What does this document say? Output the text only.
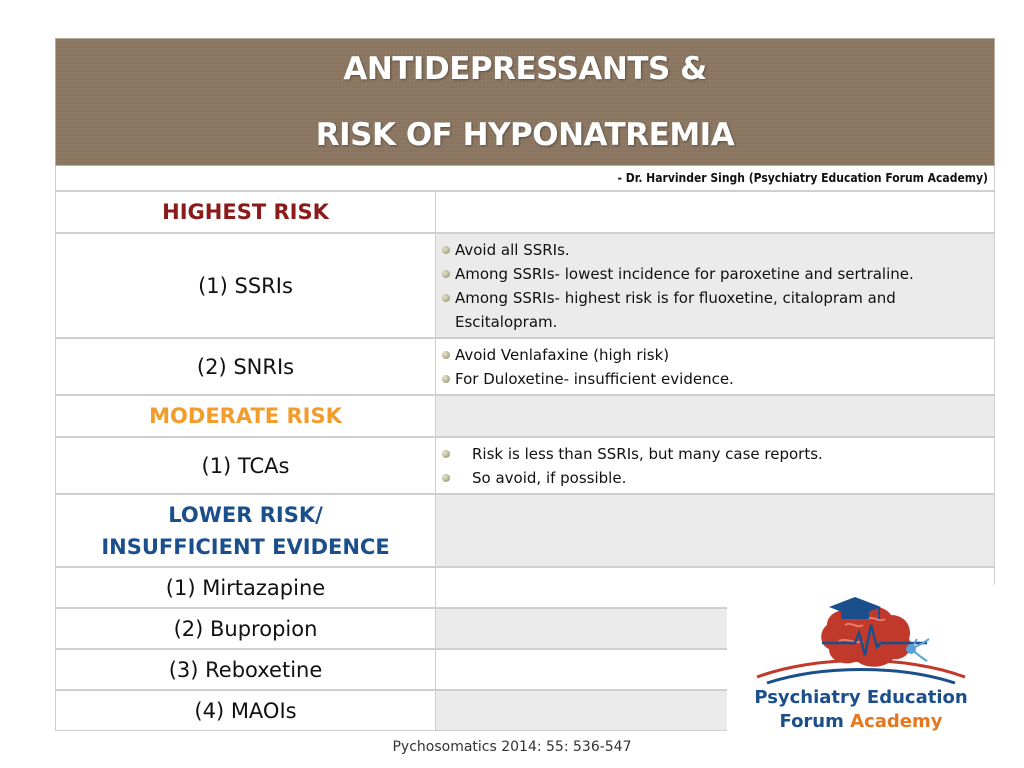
ANTIDEPRESSANTS &
RISK OF HYPONATREMIA
- Dr. Harvinder Singh (Psychiatry Education Forum Academy)
HIGHEST RISK
(1) SSRIs
Avoid all SSRIs.
Among SSRIs- lowest incidence for paroxetine and sertraline.
Among SSRIs- highest risk is for fluoxetine, citalopram and Escitalopram.
(2) SNRIs	Avoid Venlafaxine (high risk)
For Duloxetine- insufficient evidence.
MODERATE RISK
(1) TCAs	Risk is less than SSRIs, but many case reports.
So avoid, if possible.
LOWER RISK/
INSUFFICIENT EVIDENCE
(1) Mirtazapine
(2) Bupropion
(3) Reboxetine
(4) MAOIs
Psychiatry Education
Forum Academy
Pychosomatics 2014: 55: 536-547
